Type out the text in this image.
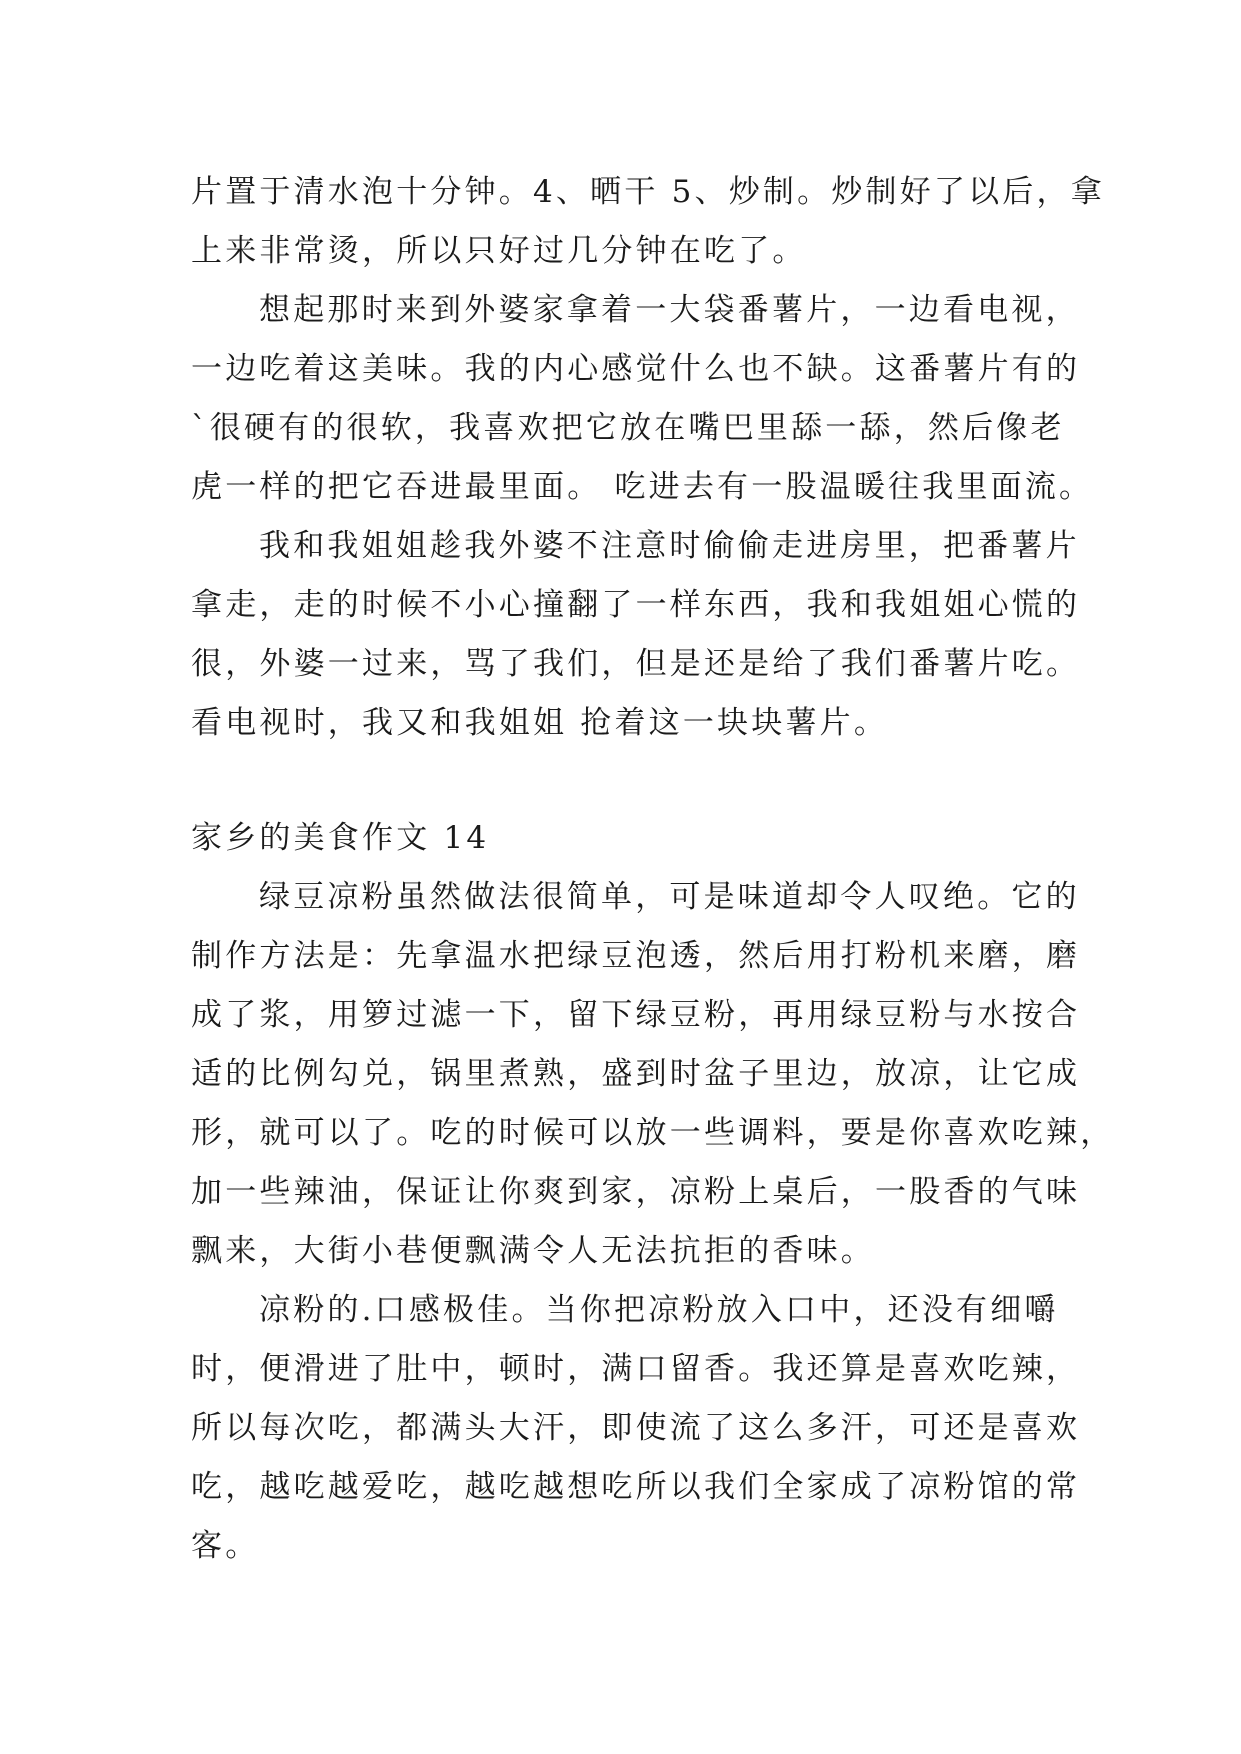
片置于清水泡十分钟。4、晒干 5、炒制。炒制好了以后，拿
上来非常烫，所以只好过几分钟在吃了。
想起那时来到外婆家拿着一大袋番薯片，一边看电视，
一边吃着这美味。我的内心感觉什么也不缺。这番薯片有的
`很硬有的很软，我喜欢把它放在嘴巴里舔一舔，然后像老
虎一样的把它吞进最里面。 吃进去有一股温暖往我里面流。
我和我姐姐趁我外婆不注意时偷偷走进房里，把番薯片
拿走，走的时候不小心撞翻了一样东西，我和我姐姐心慌的
很，外婆一过来，骂了我们，但是还是给了我们番薯片吃。
看电视时，我又和我姐姐 抢着这一块块薯片。
家乡的美食作文 14
绿豆凉粉虽然做法很简单，可是味道却令人叹绝。它的
制作方法是：先拿温水把绿豆泡透，然后用打粉机来磨，磨
成了浆，用箩过滤一下，留下绿豆粉，再用绿豆粉与水按合
适的比例勾兑，锅里煮熟，盛到时盆子里边，放凉，让它成
形，就可以了。吃的时候可以放一些调料，要是你喜欢吃辣，
加一些辣油，保证让你爽到家，凉粉上桌后，一股香的气味
飘来，大街小巷便飘满令人无法抗拒的香味。
凉粉的.口感极佳。当你把凉粉放入口中，还没有细嚼
时，便滑进了肚中，顿时，满口留香。我还算是喜欢吃辣，
所以每次吃，都满头大汗，即使流了这么多汗，可还是喜欢
吃，越吃越爱吃，越吃越想吃所以我们全家成了凉粉馆的常
客。
